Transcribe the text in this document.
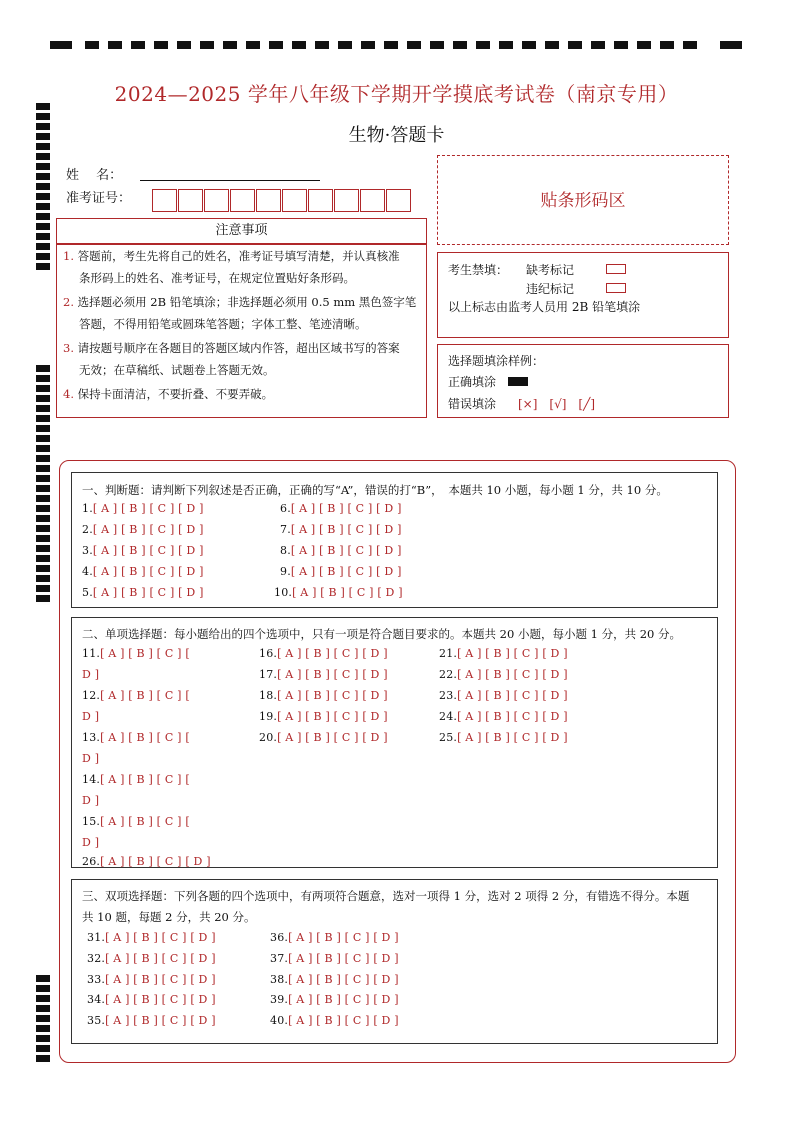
2024—2025 学年八年级下学期开学摸底考试卷（南京专用）
生物·答题卡
姓　 名：
准考证号：	贴条形码区
注意事项
1. 答题前，考生先将自己的姓名，准考证号填写清楚，并认真核准
条形码上的姓名、准考证号，在规定位置贴好条形码。
2. 选择题必须用 2B 铅笔填涂；非选择题必须用 0.5 mm 黑色签字笔
答题，不得用铅笔或圆珠笔答题；字体工整、笔迹清晰。
3. 请按题号顺序在各题目的答题区域内作答，超出区域书写的答案
无效；在草稿纸、试题卷上答题无效。
4. 保持卡面清洁，不要折叠、不要弄破。
考生禁填： 缺考标记
违纪标记
以上标志由监考人员用 2B 铅笔填涂
选择题填涂样例：
正确填涂
错误填涂 [×]　[√]　[╱]
一、判断题：请判断下列叙述是否正确，正确的写“A”，错误的打“B”，　本题共 10 小题，每小题 1 分，共 10 分。
1.[ A ] [ B ] [ C ] [ D ]
2.[ A ] [ B ] [ C ] [ D ]
3.[ A ] [ B ] [ C ] [ D ]
4.[ A ] [ B ] [ C ] [ D ]
5.[ A ] [ B ] [ C ] [ D ]
6.[ A ] [ B ] [ C ] [ D ]
7.[ A ] [ B ] [ C ] [ D ]
8.[ A ] [ B ] [ C ] [ D ]
9.[ A ] [ B ] [ C ] [ D ]
10.[ A ] [ B ] [ C ] [ D ]
二、单项选择题：每小题给出的四个选项中，只有一项是符合题目要求的。本题共 20 小题，每小题 1 分，共 20 分。
11.[ A ] [ B ] [ C ] [
D ]
12.[ A ] [ B ] [ C ] [
D ]
13.[ A ] [ B ] [ C ] [
D ]
14.[ A ] [ B ] [ C ] [
D ]
15.[ A ] [ B ] [ C ] [
D ]
26.[ A ] [ B ] [ C ] [ D ]
16.[ A ] [ B ] [ C ] [ D ]
17.[ A ] [ B ] [ C ] [ D ]
18.[ A ] [ B ] [ C ] [ D ]
19.[ A ] [ B ] [ C ] [ D ]
20.[ A ] [ B ] [ C ] [ D ]
21.[ A ] [ B ] [ C ] [ D ]
22.[ A ] [ B ] [ C ] [ D ]
23.[ A ] [ B ] [ C ] [ D ]
24.[ A ] [ B ] [ C ] [ D ]
25.[ A ] [ B ] [ C ] [ D ]
三、双项选择题：下列各题的四个选项中，有两项符合题意，选对一项得 1 分，选对 2 项得 2 分，有错选不得分。本题
共 10 题，每题 2 分，共 20 分。
31.[ A ] [ B ] [ C ] [ D ]
32.[ A ] [ B ] [ C ] [ D ]
33.[ A ] [ B ] [ C ] [ D ]
34.[ A ] [ B ] [ C ] [ D ]
35.[ A ] [ B ] [ C ] [ D ]
36.[ A ] [ B ] [ C ] [ D ]
37.[ A ] [ B ] [ C ] [ D ]
38.[ A ] [ B ] [ C ] [ D ]
39.[ A ] [ B ] [ C ] [ D ]
40.[ A ] [ B ] [ C ] [ D ]
